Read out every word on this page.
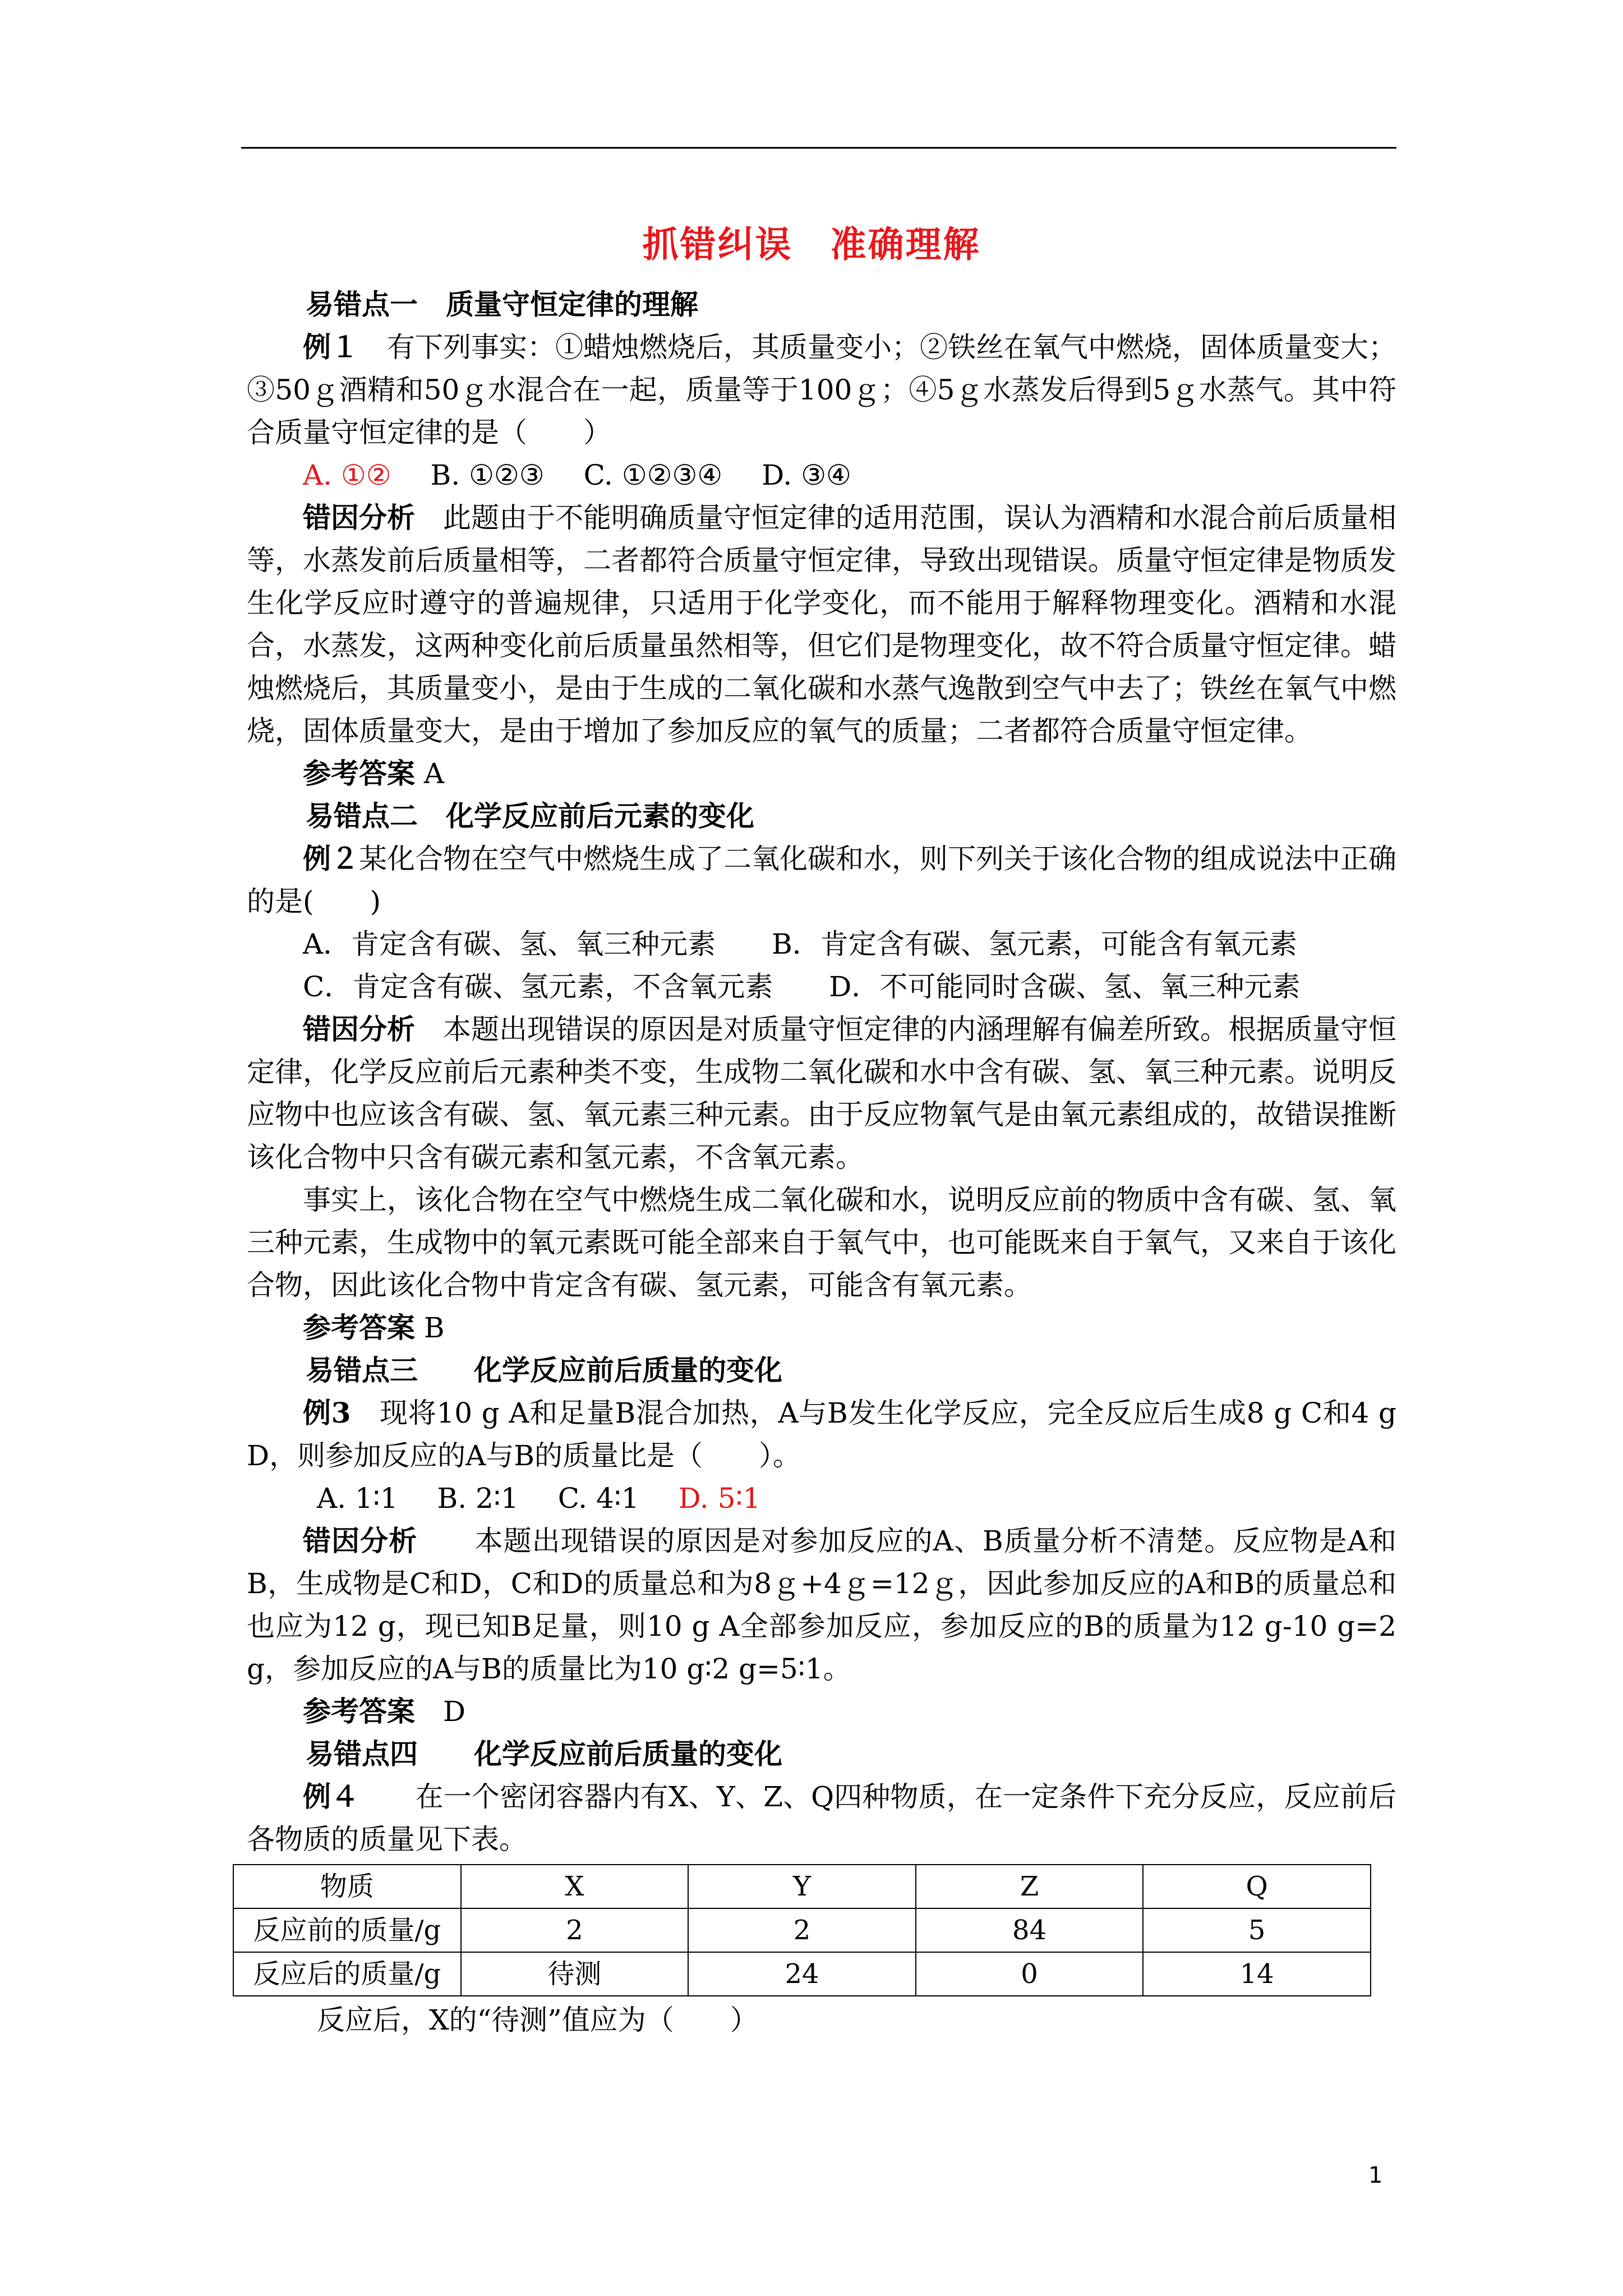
抓错纠误　准确理解

易错点一　质量守恒定律的理解

例１　有下列事实：①蜡烛燃烧后，其质量变小；②铁丝在氧气中燃烧，固体质量变大；③50ｇ酒精和50ｇ水混合在一起，质量等于100ｇ；④5ｇ水蒸发后得到5ｇ水蒸气。其中符合质量守恒定律的是（　　）

A. ①② B. ①②③ C. ①②③④ D. ③④

错因分析　此题由于不能明确质量守恒定律的适用范围，误认为酒精和水混合前后质量相等，水蒸发前后质量相等，二者都符合质量守恒定律，导致出现错误。质量守恒定律是物质发生化学反应时遵守的普遍规律，只适用于化学变化，而不能用于解释物理变化。酒精和水混合，水蒸发，这两种变化前后质量虽然相等，但它们是物理变化，故不符合质量守恒定律。蜡烛燃烧后，其质量变小，是由于生成的二氧化碳和水蒸气逸散到空气中去了；铁丝在氧气中燃烧，固体质量变大，是由于增加了参加反应的氧气的质量；二者都符合质量守恒定律。

参考答案 A

易错点二　化学反应前后元素的变化

例２某化合物在空气中燃烧生成了二氧化碳和水，则下列关于该化合物的组成说法中正确的是(　　)

A．肯定含有碳、氢、氧三种元素　　 B．肯定含有碳、氢元素，可能含有氧元素

C．肯定含有碳、氢元素，不含氧元素　　 D．不可能同时含碳、氢、氧三种元素

错因分析　本题出现错误的原因是对质量守恒定律的内涵理解有偏差所致。根据质量守恒定律，化学反应前后元素种类不变，生成物二氧化碳和水中含有碳、氢、氧三种元素。说明反应物中也应该含有碳、氢、氧元素三种元素。由于反应物氧气是由氧元素组成的，故错误推断该化合物中只含有碳元素和氢元素，不含氧元素。

事实上，该化合物在空气中燃烧生成二氧化碳和水，说明反应前的物质中含有碳、氢、氧三种元素，生成物中的氧元素既可能全部来自于氧气中，也可能既来自于氧气，又来自于该化合物，因此该化合物中肯定含有碳、氢元素，可能含有氧元素。

参考答案 B

易错点三　　化学反应前后质量的变化

例3　现将10 g A和足量B混合加热，A与B发生化学反应，完全反应后生成8 g C和4 g D，则参加反应的A与B的质量比是（　　）。

A. 1∶1 B. 2∶1 C. 4∶1 D. 5∶1

错因分析　　本题出现错误的原因是对参加反应的A、B质量分析不清楚。反应物是A和B，生成物是C和D，C和D的质量总和为8ｇ+4ｇ=12ｇ，因此参加反应的A和B的质量总和也应为12 g，现已知B足量，则10 g A全部参加反应，参加反应的B的质量为12 g-10 g=2 g，参加反应的A与B的质量比为10 g∶2 g=5∶1。

参考答案　D

易错点四　　化学反应前后质量的变化

例４　　在一个密闭容器内有X、Y、Z、Q四种物质，在一定条件下充分反应，反应前后各物质的质量见下表。

物质	X	Y	Z	Q
反应前的质量/g	2	2	84	5
反应后的质量/g	待测	24	0	14

反应后，X的“待测”值应为（　　）

1
